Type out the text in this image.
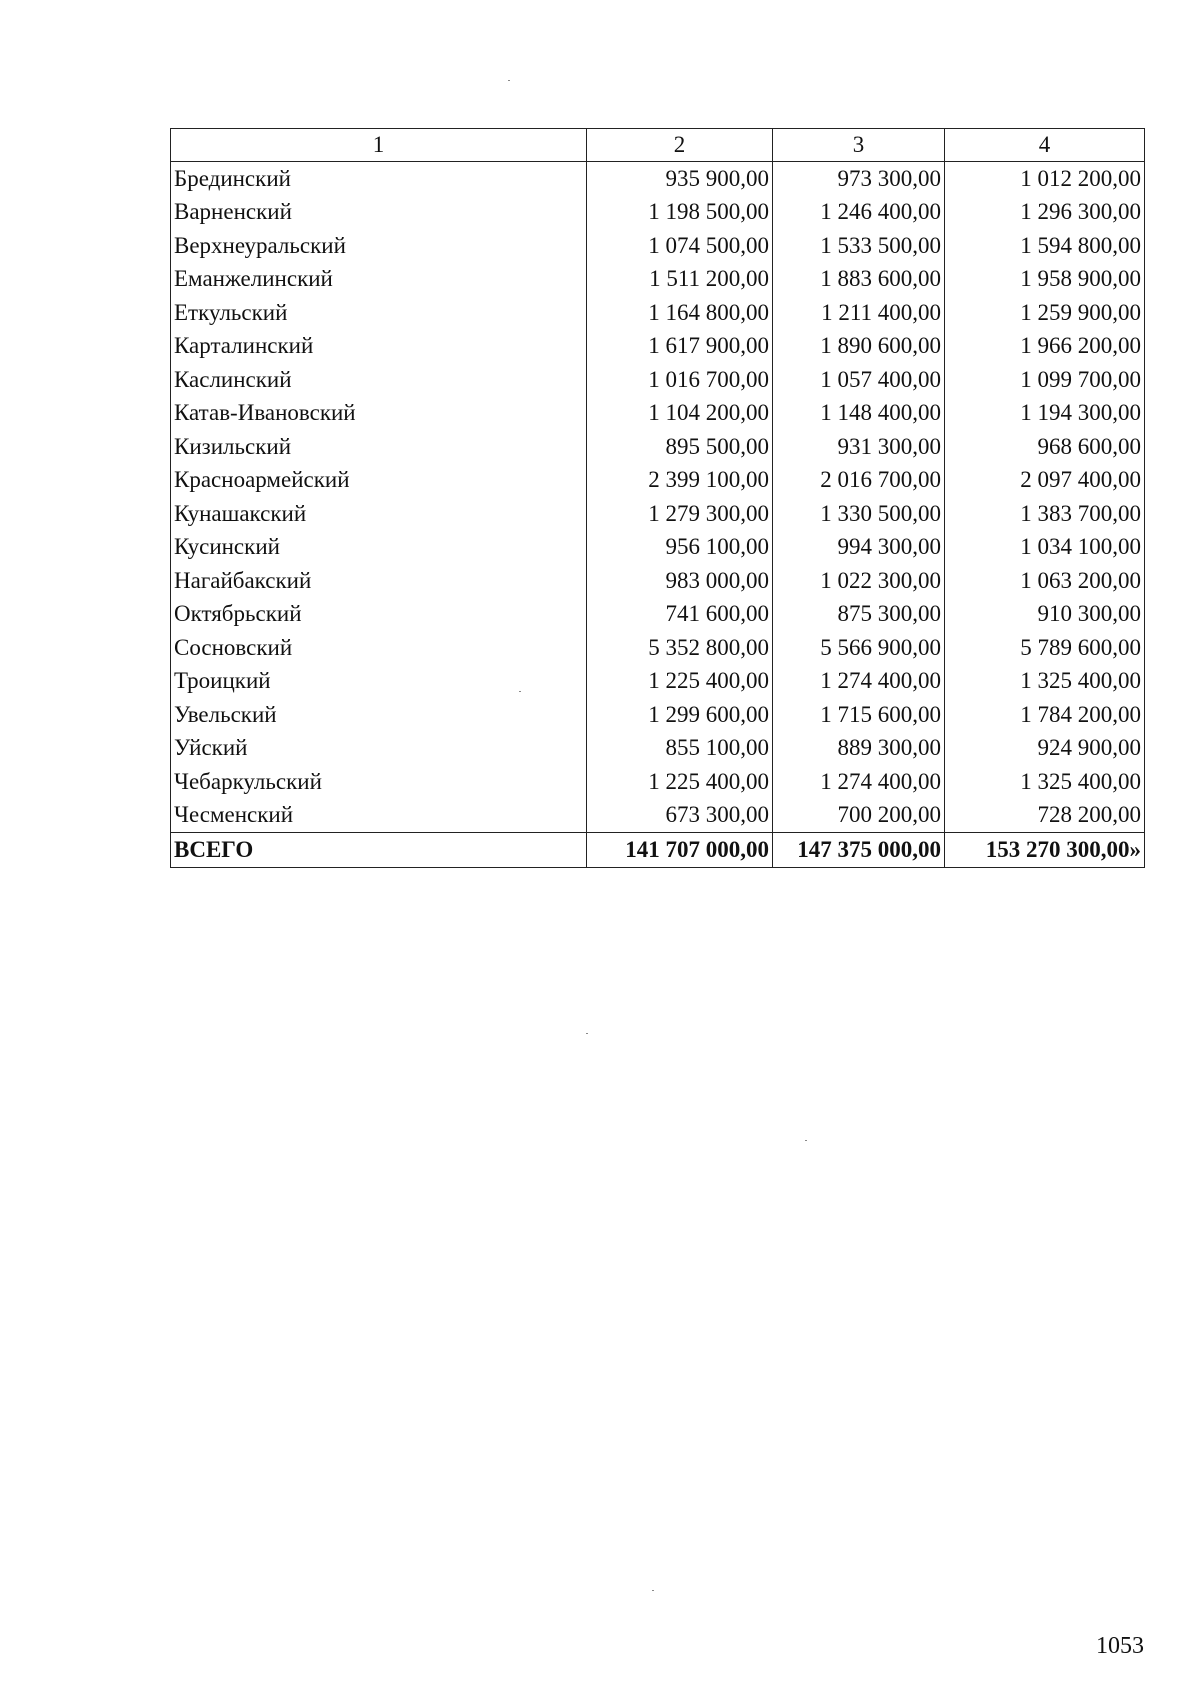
1	2	3	4
Брединский	935 900,00	973 300,00	1 012 200,00
Варненский	1 198 500,00	1 246 400,00	1 296 300,00
Верхнеуральский	1 074 500,00	1 533 500,00	1 594 800,00
Еманжелинский	1 511 200,00	1 883 600,00	1 958 900,00
Еткульский	1 164 800,00	1 211 400,00	1 259 900,00
Карталинский	1 617 900,00	1 890 600,00	1 966 200,00
Каслинский	1 016 700,00	1 057 400,00	1 099 700,00
Катав-Ивановский	1 104 200,00	1 148 400,00	1 194 300,00
Кизильский	895 500,00	931 300,00	968 600,00
Красноармейский	2 399 100,00	2 016 700,00	2 097 400,00
Кунашакский	1 279 300,00	1 330 500,00	1 383 700,00
Кусинский	956 100,00	994 300,00	1 034 100,00
Нагайбакский	983 000,00	1 022 300,00	1 063 200,00
Октябрьский	741 600,00	875 300,00	910 300,00
Сосновский	5 352 800,00	5 566 900,00	5 789 600,00
Троицкий	1 225 400,00	1 274 400,00	1 325 400,00
Увельский	1 299 600,00	1 715 600,00	1 784 200,00
Уйский	855 100,00	889 300,00	924 900,00
Чебаркульский	1 225 400,00	1 274 400,00	1 325 400,00
Чесменский	673 300,00	700 200,00	728 200,00
ВСЕГО	141 707 000,00	147 375 000,00	153 270 300,00»
1053
